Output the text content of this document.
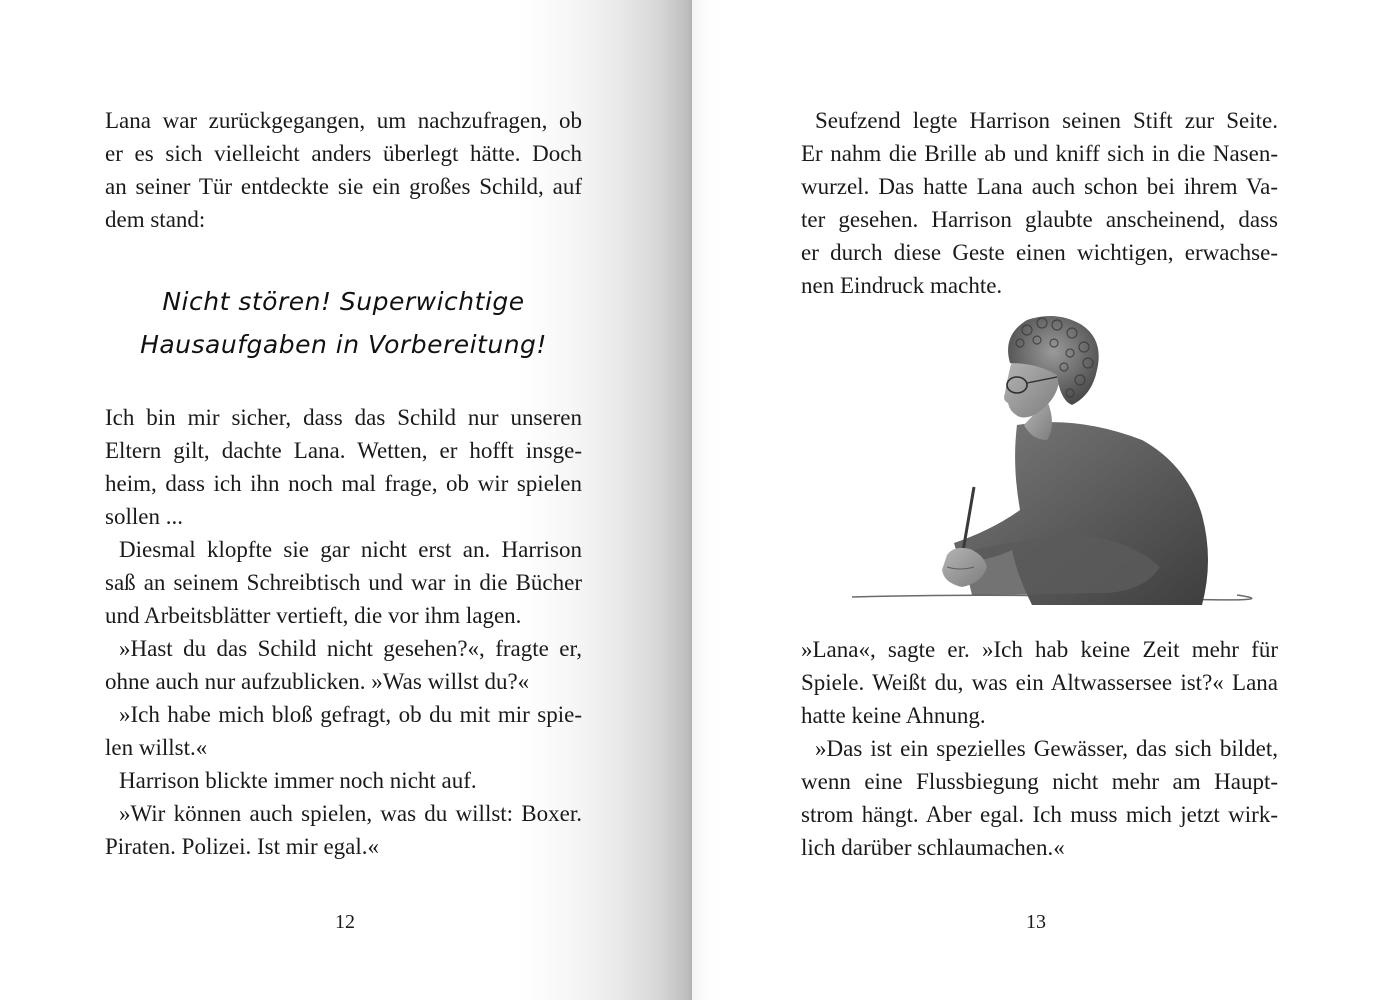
Lana war zurückgegangen, um nachzufragen, ob
er es sich vielleicht anders überlegt hätte. Doch
an seiner Tür entdeckte sie ein großes Schild, auf
dem stand:
Nicht stören! Superwichtige
Hausaufgaben in Vorbereitung!
Ich bin mir sicher, dass das Schild nur unseren
Eltern gilt, dachte Lana. Wetten, er hofft insge-
heim, dass ich ihn noch mal frage, ob wir spielen
sollen ...
Diesmal klopfte sie gar nicht erst an. Harrison
saß an seinem Schreibtisch und war in die Bücher
und Arbeitsblätter vertieft, die vor ihm lagen.
»Hast du das Schild nicht gesehen?«, fragte er,
ohne auch nur aufzublicken. »Was willst du?«
»Ich habe mich bloß gefragt, ob du mit mir spie-
len willst.«
Harrison blickte immer noch nicht auf.
»Wir können auch spielen, was du willst: Boxer.
Piraten. Polizei. Ist mir egal.«
12
Seufzend legte Harrison seinen Stift zur Seite.
Er nahm die Brille ab und kniff sich in die Nasen-
wurzel. Das hatte Lana auch schon bei ihrem Va-
ter gesehen. Harrison glaubte anscheinend, dass
er durch diese Geste einen wichtigen, erwachse-
nen Eindruck machte.
»Lana«, sagte er. »Ich hab keine Zeit mehr für
Spiele. Weißt du, was ein Altwassersee ist?« Lana
hatte keine Ahnung.
»Das ist ein spezielles Gewässer, das sich bildet,
wenn eine Flussbiegung nicht mehr am Haupt-
strom hängt. Aber egal. Ich muss mich jetzt wirk-
lich darüber schlaumachen.«
13
